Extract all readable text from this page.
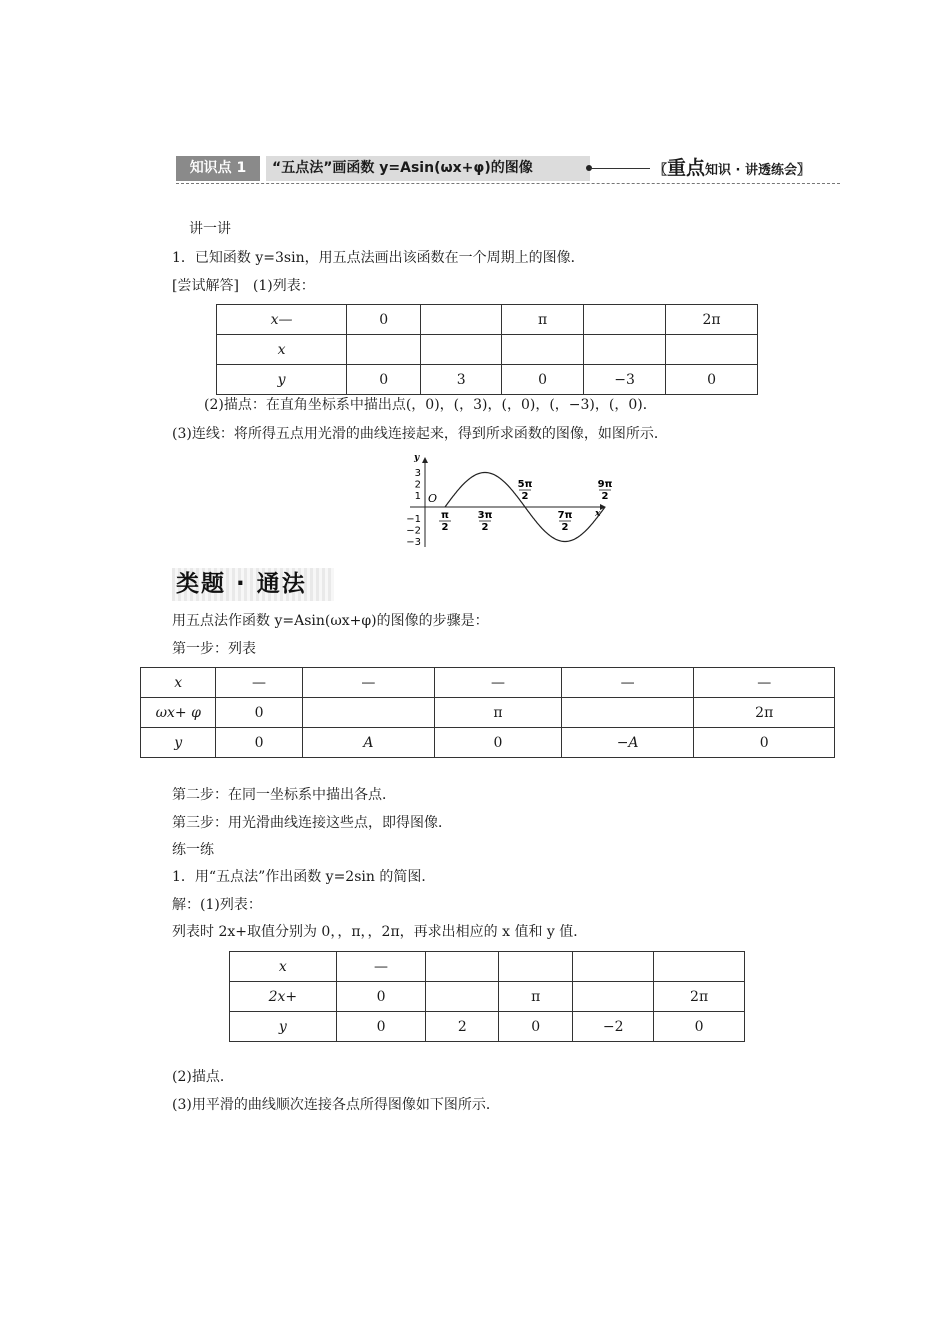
知识点 1	“五点法”画函数 y=Asin(ωx+φ)的图像	〖重点知识 · 讲透练会〗
讲一讲
1．已知函数 y=3sin，用五点法画出该函数在一个周期上的图像．
[尝试解答]　(1)列表：
x—	0		π		2π
x					
y	0	3	0	−3	0
(2)描点：在直角坐标系中描出点(，0)，(，3)，(，0)，(，−3)，(，0)．
(3)连线：将所得五点用光滑的曲线连接起来，得到所求函数的图像，如图所示．
y
x
O
3
2
1
−1
−2
−3
π
2
3π
2
7π
2
5π
2
9π
2
类题 · 通法
用五点法作函数 y=Asin(ωx+φ)的图像的步骤是：
第一步：列表
x	—	—	—	—	—
ωx+ φ	0		π		2π
y	0	A	0	−A	0
第二步：在同一坐标系中描出各点．
第三步：用光滑曲线连接这些点，即得图像．
练一练
1．用“五点法”作出函数 y=2sin 的简图．
解：(1)列表：
列表时 2x+取值分别为 0，，π，，2π，再求出相应的 x 值和 y 值．
x	—				
2x+	0		π		2π
y	0	2	0	−2	0
(2)描点．
(3)用平滑的曲线顺次连接各点所得图像如下图所示．
